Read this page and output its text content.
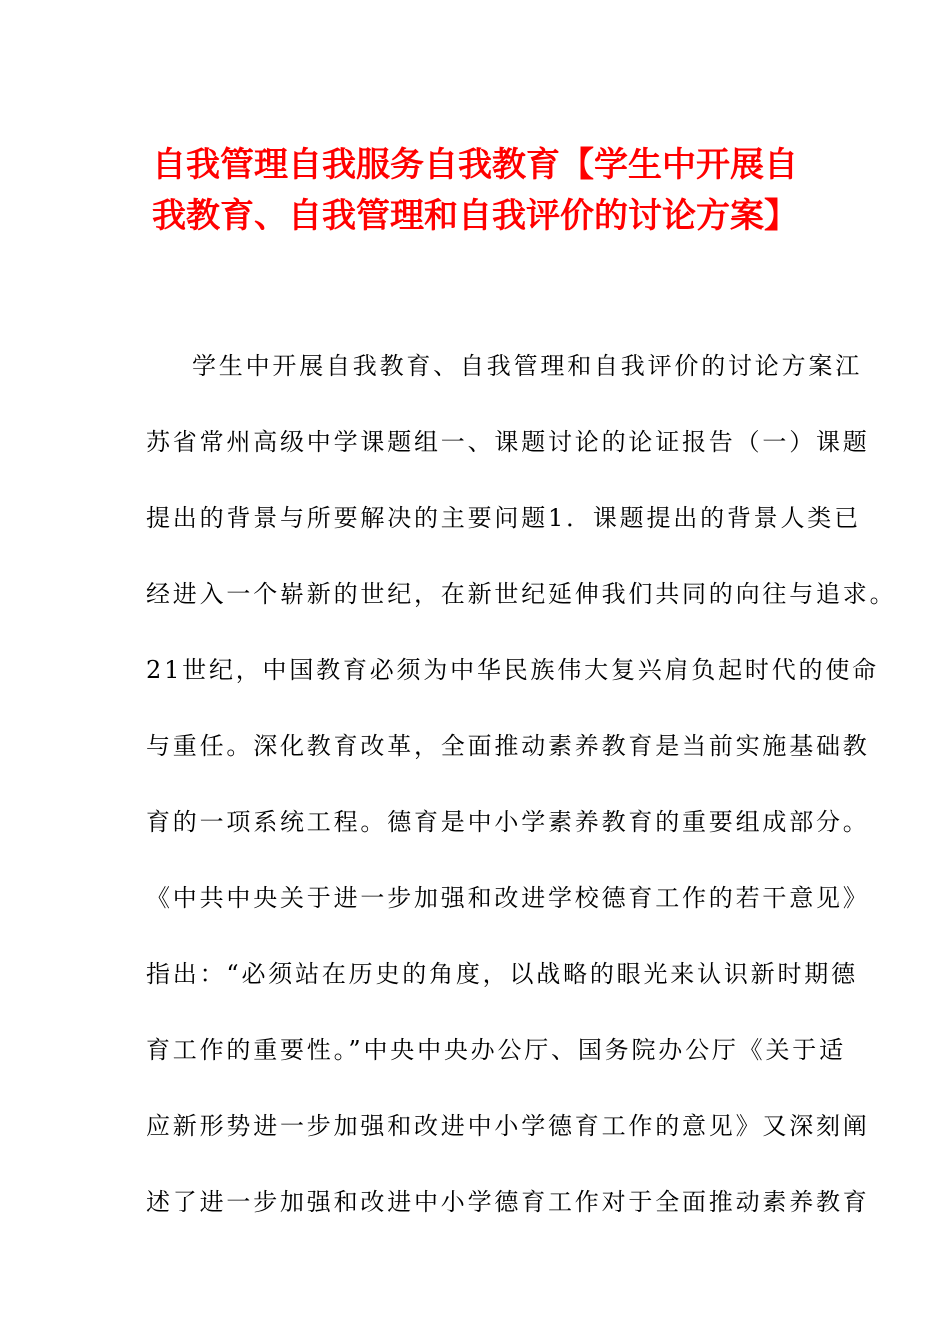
自我管理自我服务自我教育【学生中开展自
我教育、自我管理和自我评价的讨论方案】
学生中开展自我教育、自我管理和自我评价的讨论方案江
苏省常州高级中学课题组一、课题讨论的论证报告（一）课题
提出的背景与所要解决的主要问题1．课题提出的背景人类已
经进入一个崭新的世纪，在新世纪延伸我们共同的向往与追求。
21世纪，中国教育必须为中华民族伟大复兴肩负起时代的使命
与重任。深化教育改革，全面推动素养教育是当前实施基础教
育的一项系统工程。德育是中小学素养教育的重要组成部分。
《中共中央关于进一步加强和改进学校德育工作的若干意见》
指出：“必须站在历史的角度，以战略的眼光来认识新时期德
育工作的重要性。”中央中央办公厅、国务院办公厅《关于适
应新形势进一步加强和改进中小学德育工作的意见》又深刻阐
述了进一步加强和改进中小学德育工作对于全面推动素养教育
